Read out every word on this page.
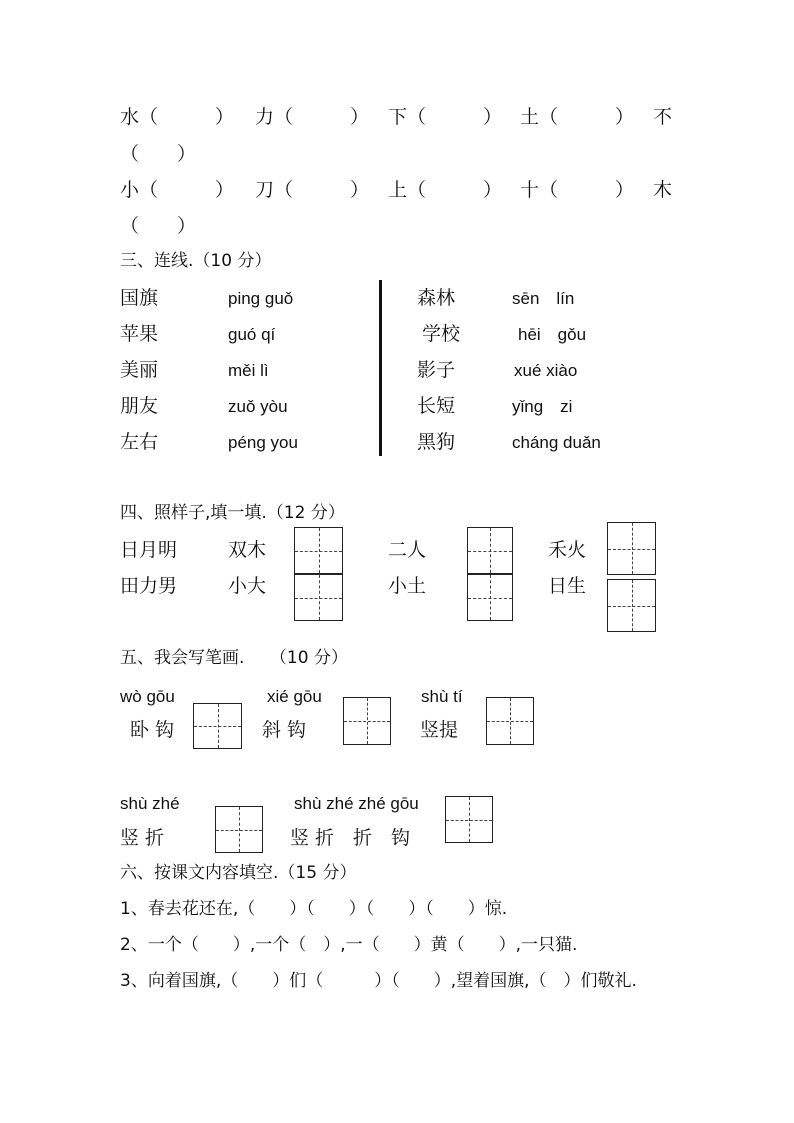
水（　　　） 力（　　　） 下（　　　） 土（　　　） 不
（　　）
小（　　　） 刀（　　　） 上（　　　） 十（　　　） 木
（　　）
三、连线.（10 分）
国旗
苹果
美丽
朋友
左右
pinɡ ɡuǒ
ɡuó qí
měi lì
zuǒ yòu
pénɡ you
森林
学校
影子
长短
黑狗
sēn　lín
hēi　ɡǒu
xué xiào
yǐnɡ　zi
chánɡ duǎn
四、照样子,填一填.（12 分）
日月明
田力男
双木
小大
二人
小土
禾火
日生
五、我会写笔画.　　（10 分）
wò ɡōu
卧 钩
xié ɡōu
斜 钩
shù tí
竖提
shù zhé
竖 折
shù zhé zhé ɡōu
竖 折　折　钩
六、按课文内容填空.（15 分）
1、春去花还在,（　　）（　　）（　　）（　　）惊.
2、一个（　　）,一个（　）,一（　　）黄（　　）,一只猫.
3、向着国旗,（　　）们（　　　）（　　）,望着国旗,（　）们敬礼.
